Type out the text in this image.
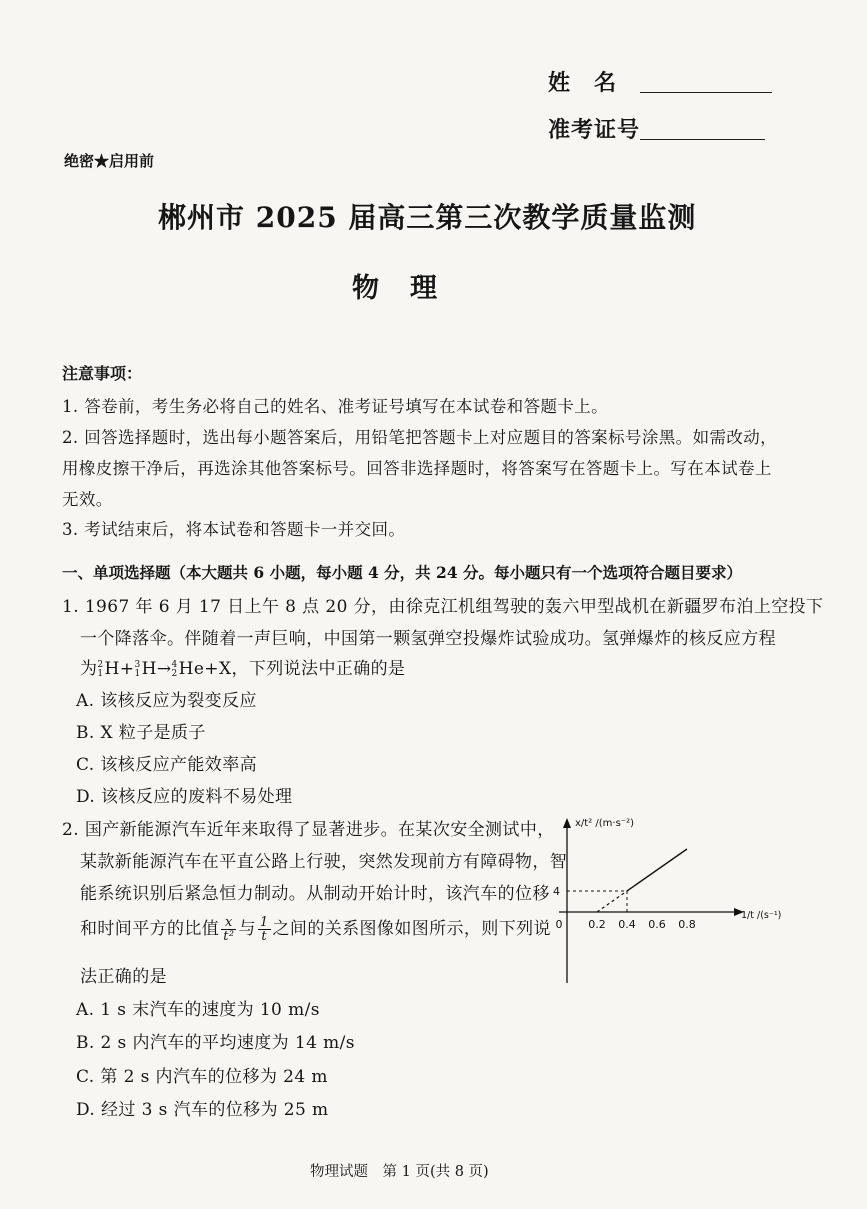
姓　名
准考证号
绝密★启用前
郴州市 2025 届高三第三次教学质量监测
物　理
注意事项：
1. 答卷前，考生务必将自己的姓名、准考证号填写在本试卷和答题卡上。
2. 回答选择题时，选出每小题答案后，用铅笔把答题卡上对应题目的答案标号涂黑。如需改动，
用橡皮擦干净后，再选涂其他答案标号。回答非选择题时，将答案写在答题卡上。写在本试卷上
无效。
3. 考试结束后，将本试卷和答题卡一并交回。
一、单项选择题（本大题共 6 小题，每小题 4 分，共 24 分。每小题只有一个选项符合题目要求）
1. 1967 年 6 月 17 日上午 8 点 20 分，由徐克江机组驾驶的轰六甲型战机在新疆罗布泊上空投下
一个降落伞。伴随着一声巨响，中国第一颗氢弹空投爆炸试验成功。氢弹爆炸的核反应方程
为 2
1 H+ 3
1 H→ 4
2 He+X，下列说法中正确的是
A. 该核反应为裂变反应
B. X 粒子是质子
C. 该核反应产能效率高
D. 该核反应的废料不易处理
2. 国产新能源汽车近年来取得了显著进步。在某次安全测试中，
某款新能源汽车在平直公路上行驶，突然发现前方有障碍物，智
能系统识别后紧急恒力制动。从制动开始计时，该汽车的位移
和时间平方的比值 $\frac{x}{\text{t²}}$ 与 $\frac{1}{t}$ 之间的关系图像如图所示，则下列说
法正确的是
A. 1 s 末汽车的速度为 10 m/s
B. 2 s 内汽车的平均速度为 14 m/s
C. 第 2 s 内汽车的位移为 24 m
D. 经过 3 s 汽车的位移为 25 m
x/t² /(m·s⁻²)
1/t /(s⁻¹)
0 0.2 0.4 0.6 0.8
4
物理试题　第 1 页(共 8 页)
